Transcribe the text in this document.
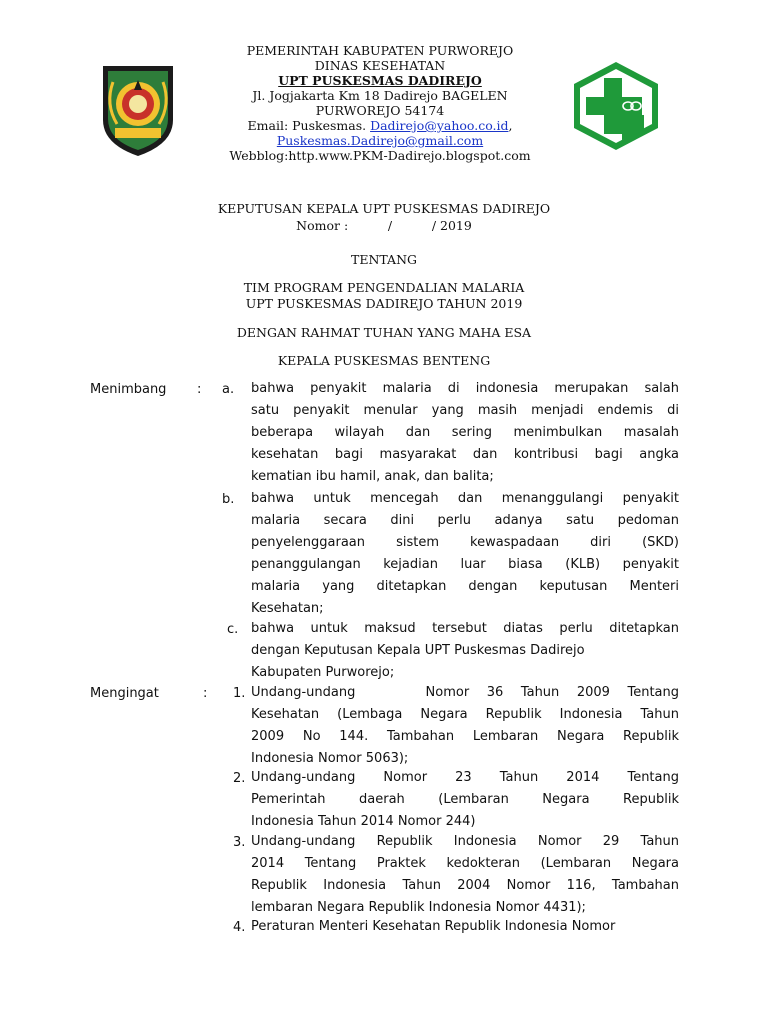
PEMERINTAH KABUPATEN PURWOREJO
DINAS KESEHATAN
UPT PUSKESMAS DADIREJO
Jl. Jogjakarta Km 18 Dadirejo BAGELEN
PURWOREJO 54174
Email: Puskesmas. Dadirejo@yahoo.co.id,
Puskesmas.Dadirejo@gmail.com
Webblog:http.www.PKM-Dadirejo.blogspot.com
KEPUTUSAN KEPALA UPT PUSKESMAS DADIREJO
Nomor :          /          / 2019
TENTANG
TIM PROGRAM PENGENDALIAN MALARIA
UPT PUSKESMAS DADIREJO TAHUN 2019
DENGAN RAHMAT TUHAN YANG MAHA ESA
KEPALA PUSKESMAS BENTENG
Menimbang : a. bahwa penyakit malaria di indonesia merupakan salah
satu penyakit menular yang masih menjadi endemis di
beberapa wilayah dan sering menimbulkan masalah
kesehatan bagi masyarakat dan kontribusi bagi angka
kematian ibu hamil, anak, dan balita;
b. bahwa untuk mencegah dan menanggulangi penyakit
malaria secara dini perlu adanya satu pedoman
penyelenggaraan sistem kewaspadaan diri (SKD)
penanggulangan kejadian luar biasa (KLB) penyakit
malaria yang ditetapkan dengan keputusan Menteri
Kesehatan;
c. bahwa untuk maksud tersebut diatas perlu ditetapkan
dengan Keputusan Kepala UPT Puskesmas Dadirejo
Kabupaten Purworejo;
Mengingat	: 1. Undang-undang    Nomor 36 Tahun 2009 Tentang
Kesehatan (Lembaga Negara Republik Indonesia Tahun
2009 No 144. Tambahan Lembaran Negara Republik
Indonesia Nomor 5063);
2. Undang-undang Nomor 23 Tahun 2014 Tentang
Pemerintah daerah (Lembaran Negara Republik
Indonesia Tahun 2014 Nomor 244)
3. Undang-undang Republik Indonesia Nomor 29 Tahun
2014 Tentang Praktek kedokteran (Lembaran Negara
Republik Indonesia Tahun 2004 Nomor 116, Tambahan
lembaran Negara Republik Indonesia Nomor 4431);
4. Peraturan Menteri Kesehatan Republik Indonesia Nomor
